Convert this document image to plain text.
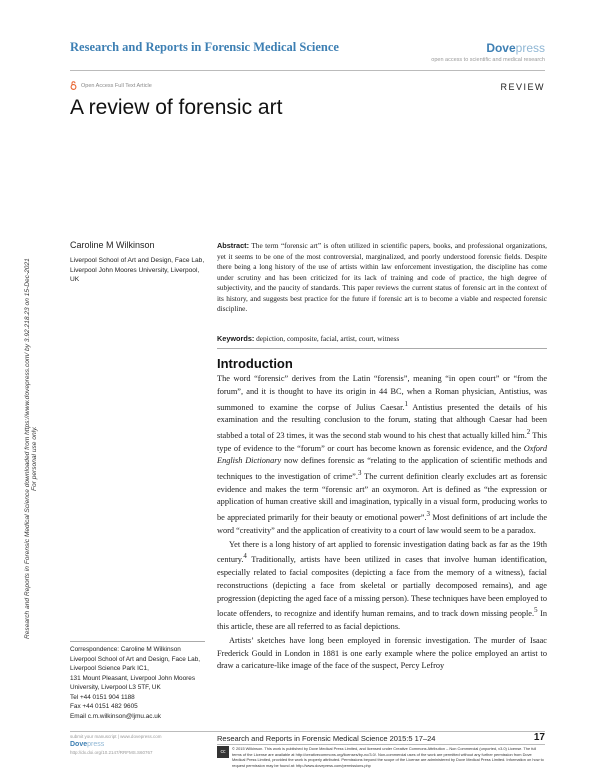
Research and Reports in Forensic Medical Science	Dovepress
open access to scientific and medical research
Open Access Full Text Article	REVIEW
A review of forensic art
Research and Reports in Forensic Medical Science downloaded from https://www.dovepress.com/ by 3.92.218.23 on 15-Dec-2021 For personal use only.
Caroline M Wilkinson
Liverpool School of Art and Design, Face Lab, Liverpool John Moores University, Liverpool, UK
Abstract: The term “forensic art” is often utilized in scientific papers, books, and professional organizations, yet it seems to be one of the most controversial, marginalized, and poorly understood forensic fields. Despite there being a long history of the use of artists within law enforcement investigation, the discipline has come under scrutiny and has been criticized for its lack of training and code of practice, the high degree of subjectivity, and the paucity of standards. This paper reviews the current status of forensic art in the context of its history, and suggests best practice for the future if forensic art is to become a viable and respected forensic discipline.
Keywords: depiction, composite, facial, artist, court, witness
Introduction

The word “forensic” derives from the Latin “forensis”, meaning “in open court” or “from the forum”, and it is thought to have its origin in 44 BC, when a Roman physician, Antistius, was summoned to examine the corpse of Julius Caesar.$^1$ Antistius presented the details of his examination and the resulting conclusion to the forum, stating that although Caesar had been stabbed a total of 23 times, it was the second stab wound to his chest that actually killed him.$^2$ This type of evidence to the “forum” or court has become known as forensic evidence, and the Oxford English Dictionary now defines forensic as “relating to the application of scientific methods and techniques to the investigation of crime”.$^3$ The current definition clearly excludes art as forensic evidence and makes the term “forensic art” an oxymoron. Art is defined as “the expression or application of human creative skill and imagination, typically in a visual form, producing works to be appreciated primarily for their beauty or emotional power”.$^3$ Most definitions of art include the word “creativity” and the application of creativity to a court of law would seem to be a paradox.

Yet there is a long history of art applied to forensic investigation dating back as far as the 19th century.$^4$ Traditionally, artists have been utilized in cases that involve human identification, especially related to facial composites (depicting a face from the memory of a witness), facial reconstructions (depicting a face from skeletal or partially decomposed remains), and age progression (depicting the aged face of a missing person). These techniques have been employed to locate offenders, to recognize and identify human remains, and to track down missing people.$^5$ In this article, these are all referred to as facial depictions.

Artists’ sketches have long been employed in forensic investigation. The murder of Isaac Frederick Gould in London in 1881 is one early example where the police employed an artist to draw a caricature-like image of the face of the suspect, Percy Lefroy

Correspondence: Caroline M Wilkinson
Liverpool School of Art and Design, Face Lab, Liverpool Science Park IC1,
131 Mount Pleasant, Liverpool John Moores University, Liverpool L3 5TF, UK
Tel +44 0151 904 1188
Fax +44 0151 482 9605
Email c.m.wilkinson@ljmu.ac.uk
submit your manuscript | www.dovepress.com
Dovepress
http://dx.doi.org/10.2147/RRFMS.S60767
Research and Reports in Forensic Medical Science 2015:5 17–24	17
cc
© 2015 Wilkinson. This work is published by Dove Medical Press Limited, and licensed under Creative Commons Attribution – Non Commercial (unported, v3.0) License. The full terms of the License are available at http://creativecommons.org/licenses/by-nc/3.0/. Non-commercial uses of the work are permitted without any further permission from Dove Medical Press Limited, provided the work is properly attributed. Permissions beyond the scope of the License are administered by Dove Medical Press Limited. Information on how to request permission may be found at: http://www.dovepress.com/permissions.php
